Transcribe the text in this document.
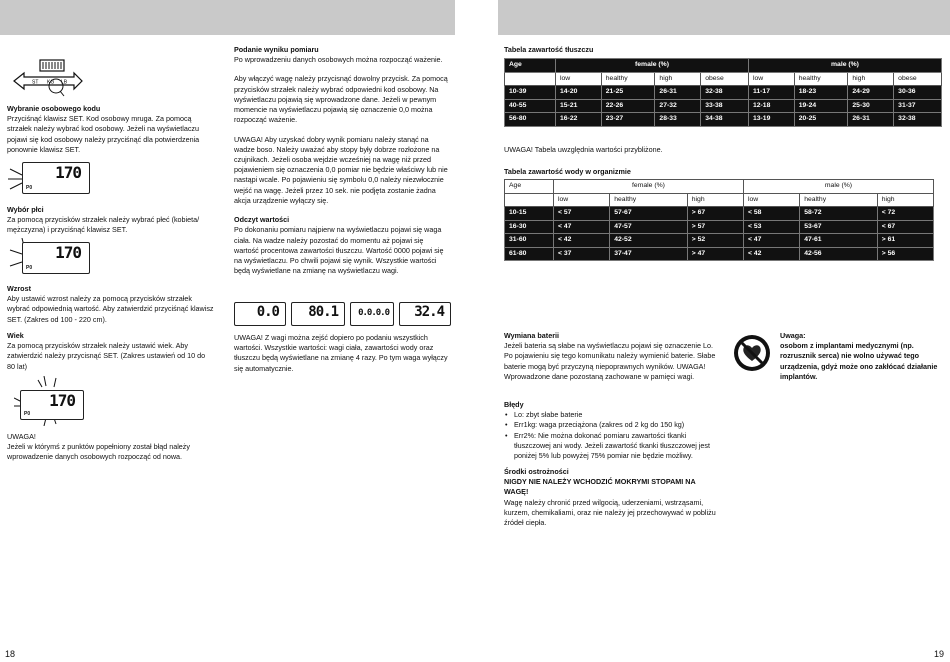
ST KG LB

Wybranie osobowego kodu

Przyciśnąć klawisz SET. Kod osobowy mruga. Za pomocą strzałek należy wybrać kod osobowy. Jeżeli na wyświetlaczu pojawi się kod osobowy należy przyciśnąć dla potwierdzenia ponownie klawisz SET.

170
P0

Wybór płci

Za pomocą przycisków strzałek należy wybrać płeć (kobieta/ mężczyzna) i przyciśnąć klawisz SET.

170
P0

Wzrost

Aby ustawić wzrost należy za pomocą przycisków strzałek wybrać odpowiednią wartość. Aby zatwierdzić przyciśnąć klawisz SET. (Zakres od 100 - 220 cm).

Wiek

Za pomocą przycisków strzałek należy ustawić wiek. Aby zatwierdzić należy przycisnąć SET. (Zakres ustawień od 10 do 80 lat)

170
P0

UWAGA!

Jeżeli w którymś z punktów popełniony został błąd należy wprowadzenie danych osobowych rozpocząć od nowa.

Podanie wyniku pomiaru

Po wprowadzeniu danych osobowych można rozpocząć ważenie.

Aby włączyć wagę należy przycisnąć dowolny przycisk. Za pomocą przycisków strzałek należy wybrać odpowiedni kod osobowy. Na wyświetlaczu pojawią się wprowadzone dane. Jeżeli w pewnym momencie na wyświetlaczu pojawią się oznaczenie 0,0 można rozpocząć ważenie.

UWAGA! Aby uzyskać dobry wynik pomiaru należy stanąć na wadze boso. Należy uważać aby stopy były dobrze rozłożone na czujnikach. Jeżeli osoba wejdzie wcześniej na wagę niż przed pojawieniem się oznaczenia 0,0 pomiar nie będzie właściwy lub nie nastąpi wcale. Po pojawieniu się symbolu 0,0 należy niezwłocznie wejść na wagę. Jeżeli przez 10 sek. nie podjęta zostanie żadna akcja urządzenie wyłączy się.

Odczyt wartości

Po dokonaniu pomiaru najpierw na wyświetlaczu pojawi się waga ciała. Na wadze należy pozostać do momentu aż pojawi się wartość procentowa zawartości tłuszczu. Wartość 0000 pojawi się na wyświetlaczu. Po chwili pojawi się wynik. Wszystkie wartości będą wyświetlane na zmianę na wyświetlaczu wagi.

0.0 80.1 0.0.0.0 32.4

UWAGA! Z wagi można zejść dopiero po podaniu wszystkich wartości. Wszystkie wartości: wagi ciała, zawartości wody oraz tłuszczu będą wyświetlane na zmianę 4 razy. Po tym waga wyłączy się automatycznie.

Tabela zawartość tłuszczu

Age	female (%)				male (%)			
	low	healthy	high	obese	low	healthy	high	obese
10-39	14-20	21-25	26-31	32-38	11-17	18-23	24-29	30-36
40-55	15-21	22-26	27-32	33-38	12-18	19-24	25-30	31-37
56-80	16-22	23-27	28-33	34-38	13-19	20-25	26-31	32-38

UWAGA! Tabela uwzględnia wartości przybliżone.

Tabela zawartość wody w organizmie

Age	female (%)			male (%)		
	low	healthy	high	low	healthy	high
10-15	< 57	57-67	> 67	< 58	58-72	< 72
16-30	< 47	47-57	> 57	< 53	53-67	< 67
31-60	< 42	42-52	> 52	< 47	47-61	> 61
61-80	< 37	37-47	> 47	< 42	42-56	> 56

Wymiana baterii

Jeżeli bateria są słabe na wyświetlaczu pojawi się oznaczenie Lo. Po pojawieniu się tego komunikatu należy wymienić baterie. Słabe baterie mogą być przyczyną niepoprawnych wyników. UWAGA! Wprowadzone dane pozostaną zachowane w pamięci wagi.

Uwaga:

osobom z implantami medycznymi (np. rozrusznik serca) nie wolno używać tego urządzenia, gdyż może ono zakłócać działanie implantów.

Błędy

• Lo: zbyt słabe baterie
• Err1kg: waga przeciążona (zakres od 2 kg do 150 kg)
• Err2%: Nie można dokonać pomiaru zawartości tkanki tłuszczowej ani wody. Jeżeli zawartość tkanki tłuszczowej jest poniżej 5% lub powyżej 75% pomiar nie będzie możliwy.

Środki ostrożności

NIGDY NIE NALEŻY WCHODZIĆ MOKRYMI STOPAMI NA WAGĘ!

Wagę należy chronić przed wilgocią, uderzeniami, wstrząsami, kurzem, chemikaliami, oraz nie należy jej przechowywać w pobliżu źródeł ciepła.

18	19
